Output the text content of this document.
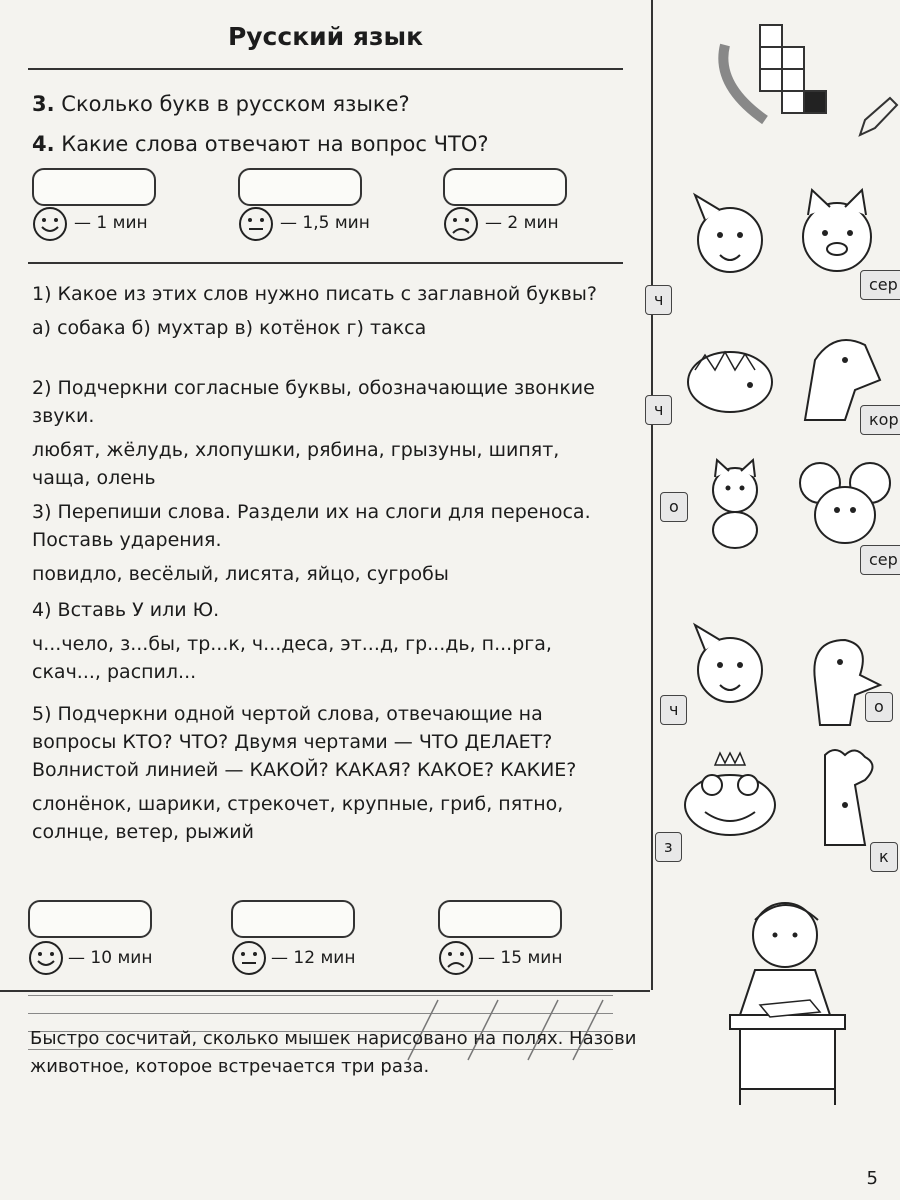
Русский язык
3. Сколько букв в русском языке?
4. Какие слова отвечают на вопрос ЧТО?
— 1 мин	— 1,5 мин	— 2 мин
1) Какое из этих слов нужно писать с заглавной буквы?
а) собака б) мухтар в) котёнок г) такса
2) Подчеркни согласные буквы, обозначающие звонкие звуки.
любят, жёлудь, хлопушки, рябина, грызуны, шипят, чаща, олень
3) Перепиши слова. Раздели их на слоги для переноса. Поставь ударения.
повидло, весёлый, лисята, яйцо, сугробы
4) Вставь У или Ю.
ч...чело, з...бы, тр...к, ч...деса, эт...д, гр...дь, п...рга, скач..., распил...
5) Подчеркни одной чертой слова, отвечающие на вопросы КТО? ЧТО? Двумя чертами — ЧТО ДЕЛАЕТ? Волнистой линией — КАКОЙ? КАКАЯ? КАКОЕ? КАКИЕ?
слонёнок, шарики, стрекочет, крупные, гриб, пятно, солнце, ветер, рыжий
— 10 мин	— 12 мин	— 15 мин
Быстро сосчитай, сколько мышек нарисовано на полях. Назови животное, которое встречается три раза.
5
ч
сер
ч
кор
о
сер
ч	о
з
к
